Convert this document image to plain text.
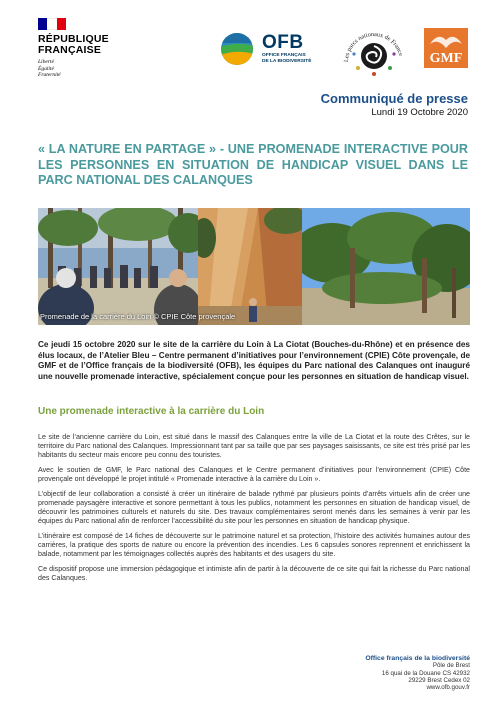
RÉPUBLIQUE
FRANÇAISE
Liberté
Égalité
Fraternité
OFB
OFFICE FRANÇAIS
DE LA BIODIVERSITÉ	Les parcs nationaux de France GMF
Communiqué de presse
Lundi 19 Octobre 2020
« LA NATURE EN PARTAGE » - UNE PROMENADE INTERACTIVE POUR LES PERSONNES EN SITUATION DE HANDICAP VISUEL DANS LE PARC NATIONAL DES CALANQUES
Promenade de la carrière du Loin © CPIE Côte provençale
Ce jeudi 15 octobre 2020 sur le site de la carrière du Loin à La Ciotat (Bouches-du-Rhône) et en présence des élus locaux, de l’Atelier Bleu – Centre permanent d’initiatives pour l’environnement (CPIE) Côte provençale, de GMF et de l’Office français de la biodiversité (OFB), les équipes du Parc national des Calanques ont inauguré une nouvelle promenade interactive, spécialement conçue pour les personnes en situation de handicap visuel.
Une promenade interactive à la carrière du Loin

Le site de l’ancienne carrière du Loin, est situé dans le massif des Calanques entre la ville de La Ciotat et la route des Crêtes, sur le territoire du Parc national des Calanques. Impressionnant tant par sa taille que par ses paysages saisissants, ce site est très prisé par les habitants du secteur mais encore peu connu des touristes.

Avec le soutien de GMF, le Parc national des Calanques et le Centre permanent d’initiatives pour l’environnement (CPIE) Côte provençale ont développé le projet intitulé « Promenade interactive à la carrière du Loin ».

L’objectif de leur collaboration a consisté à créer un itinéraire de balade rythmé par plusieurs points d’arrêts virtuels afin de créer une promenade paysagère interactive et sonore permettant à tous les publics, notamment les personnes en situation de handicap visuel, de découvrir les patrimoines culturels et naturels du site. Des travaux complémentaires seront menés dans les semaines à venir par les équipes du Parc national afin de renforcer l’accessibilité du site pour les personnes en situation de handicap physique.

L’itinéraire est composé de 14 fiches de découverte sur le patrimoine naturel et sa protection, l’histoire des activités humaines autour des carrières, la pratique des sports de nature ou encore la prévention des incendies. Les 6 capsules sonores reprennent et enrichissent la balade, notamment par les témoignages collectés auprès des habitants et des usagers du site.

Ce dispositif propose une immersion pédagogique et intimiste afin de partir à la découverte de ce site qui fait la richesse du Parc national des Calanques.

Office français de la biodiversité
Pôle de Brest
16 quai de la Douane CS 42932
29229 Brest Cedex 02
www.ofb.gouv.fr
